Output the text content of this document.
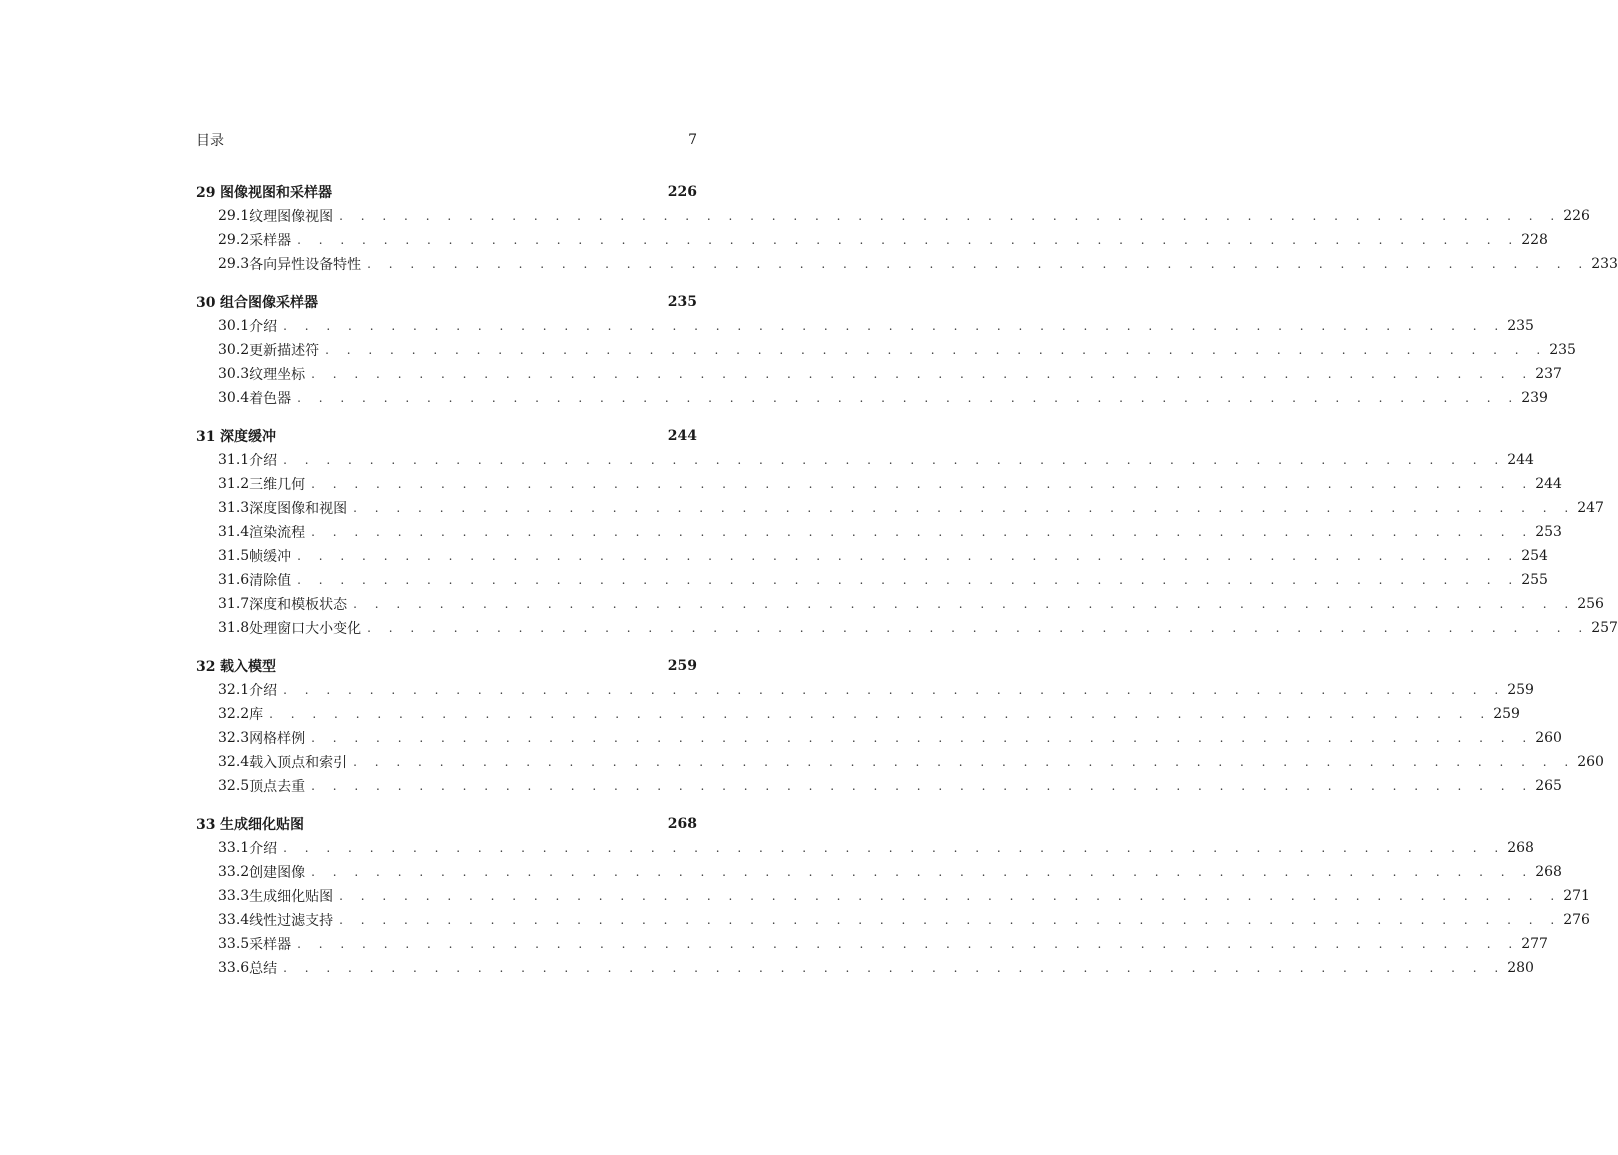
目录	7
29 图像视图和采样器	226
29.1 纹理图像视图 . . . . . . . . . . . . . . . . . . . . . . . . . . . . . . . . . . . . . . . . . . . . . . . . . . . . . . . . . 226
29.2 采样器 . . . . . . . . . . . . . . . . . . . . . . . . . . . . . . . . . . . . . . . . . . . . . . . . . . . . . . . . . 228
29.3 各向异性设备特性 . . . . . . . . . . . . . . . . . . . . . . . . . . . . . . . . . . . . . . . . . . . . . . . . . . . . . . . . . 233
30 组合图像采样器	235
30.1 介绍 . . . . . . . . . . . . . . . . . . . . . . . . . . . . . . . . . . . . . . . . . . . . . . . . . . . . . . . . . 235
30.2 更新描述符 . . . . . . . . . . . . . . . . . . . . . . . . . . . . . . . . . . . . . . . . . . . . . . . . . . . . . . . . . 235
30.3 纹理坐标 . . . . . . . . . . . . . . . . . . . . . . . . . . . . . . . . . . . . . . . . . . . . . . . . . . . . . . . . . 237
30.4 着色器 . . . . . . . . . . . . . . . . . . . . . . . . . . . . . . . . . . . . . . . . . . . . . . . . . . . . . . . . . 239
31 深度缓冲	244
31.1 介绍 . . . . . . . . . . . . . . . . . . . . . . . . . . . . . . . . . . . . . . . . . . . . . . . . . . . . . . . . . 244
31.2 三维几何 . . . . . . . . . . . . . . . . . . . . . . . . . . . . . . . . . . . . . . . . . . . . . . . . . . . . . . . . . 244
31.3 深度图像和视图 . . . . . . . . . . . . . . . . . . . . . . . . . . . . . . . . . . . . . . . . . . . . . . . . . . . . . . . . . 247
31.4 渲染流程 . . . . . . . . . . . . . . . . . . . . . . . . . . . . . . . . . . . . . . . . . . . . . . . . . . . . . . . . . 253
31.5 帧缓冲 . . . . . . . . . . . . . . . . . . . . . . . . . . . . . . . . . . . . . . . . . . . . . . . . . . . . . . . . . 254
31.6 清除值 . . . . . . . . . . . . . . . . . . . . . . . . . . . . . . . . . . . . . . . . . . . . . . . . . . . . . . . . . 255
31.7 深度和模板状态 . . . . . . . . . . . . . . . . . . . . . . . . . . . . . . . . . . . . . . . . . . . . . . . . . . . . . . . . . 256
31.8 处理窗口大小变化 . . . . . . . . . . . . . . . . . . . . . . . . . . . . . . . . . . . . . . . . . . . . . . . . . . . . . . . . . 257
32 载入模型	259
32.1 介绍 . . . . . . . . . . . . . . . . . . . . . . . . . . . . . . . . . . . . . . . . . . . . . . . . . . . . . . . . . 259
32.2 库 . . . . . . . . . . . . . . . . . . . . . . . . . . . . . . . . . . . . . . . . . . . . . . . . . . . . . . . . . 259
32.3 网格样例 . . . . . . . . . . . . . . . . . . . . . . . . . . . . . . . . . . . . . . . . . . . . . . . . . . . . . . . . . 260
32.4 载入顶点和索引 . . . . . . . . . . . . . . . . . . . . . . . . . . . . . . . . . . . . . . . . . . . . . . . . . . . . . . . . . 260
32.5 顶点去重 . . . . . . . . . . . . . . . . . . . . . . . . . . . . . . . . . . . . . . . . . . . . . . . . . . . . . . . . . 265
33 生成细化贴图	268
33.1 介绍 . . . . . . . . . . . . . . . . . . . . . . . . . . . . . . . . . . . . . . . . . . . . . . . . . . . . . . . . . 268
33.2 创建图像 . . . . . . . . . . . . . . . . . . . . . . . . . . . . . . . . . . . . . . . . . . . . . . . . . . . . . . . . . 268
33.3 生成细化贴图 . . . . . . . . . . . . . . . . . . . . . . . . . . . . . . . . . . . . . . . . . . . . . . . . . . . . . . . . . 271
33.4 线性过滤支持 . . . . . . . . . . . . . . . . . . . . . . . . . . . . . . . . . . . . . . . . . . . . . . . . . . . . . . . . . 276
33.5 采样器 . . . . . . . . . . . . . . . . . . . . . . . . . . . . . . . . . . . . . . . . . . . . . . . . . . . . . . . . . 277
33.6 总结 . . . . . . . . . . . . . . . . . . . . . . . . . . . . . . . . . . . . . . . . . . . . . . . . . . . . . . . . . 280
